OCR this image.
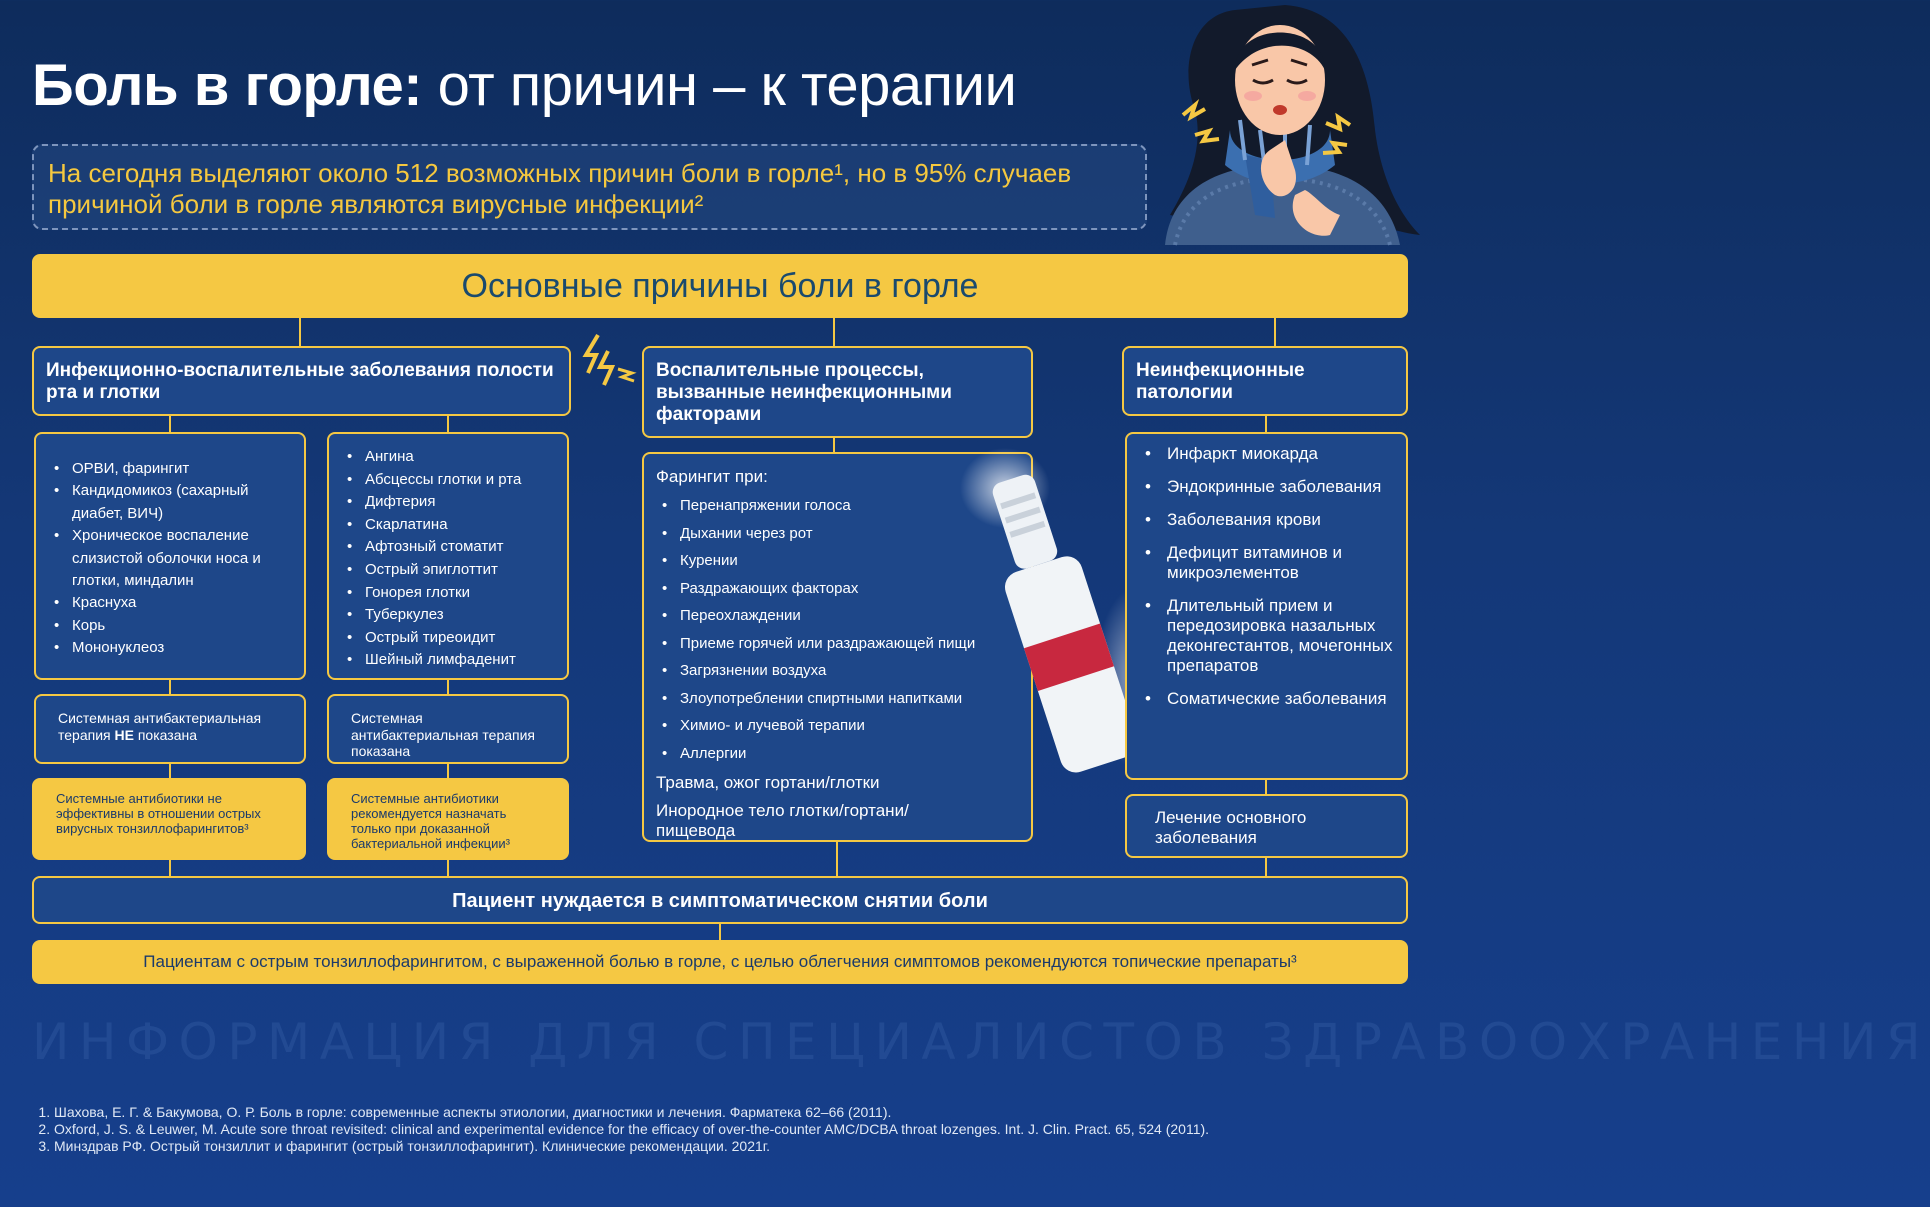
Боль в горле: от причин – к терапии
На сегодня выделяют около 512 возможных причин боли в горле¹, но в 95% случаев причиной боли в горле являются вирусные инфекции²
Основные причины боли в горле
Инфекционно-воспалительные заболевания полости рта и глотки
Воспалительные процессы, вызванные неинфекционными факторами
Неинфекционные патологии
• ОРВИ, фарингит
• Кандидомикоз (сахарный диабет, ВИЧ)
• Хроническое воспаление слизистой оболочки носа и глотки, миндалин
• Краснуха
• Корь
• Мононуклеоз
• Ангина
• Абсцессы глотки и рта
• Дифтерия
• Скарлатина
• Афтозный стоматит
• Острый эпиглоттит
• Гонорея глотки
• Туберкулез
• Острый тиреоидит
• Шейный лимфаденит
Системная антибактериальная терапия НЕ показана
Системная антибактериальная терапия показана
Системные антибиотики не эффективны в отношении острых вирусных тонзиллофарингитов³
Системные антибиотики рекомендуется назначать только при доказанной бактериальной инфекции³
Фарингит при:
• Перенапряжении голоса
• Дыхании через рот
• Курении
• Раздражающих факторах
• Переохлаждении
• Приеме горячей или раздражающей пищи
• Загрязнении воздуха
• Злоупотреблении спиртными напитками
• Химио- и лучевой терапии
• Аллергии
Травма, ожог гортани/глотки
Инородное тело глотки/гортани/ пищевода
• Инфаркт миокарда
• Эндокринные заболевания
• Заболевания крови
• Дефицит витаминов и микроэлементов
• Длительный прием и передозировка назальных деконгестантов, мочегонных препаратов
• Соматические заболевания
Лечение основного заболевания
Пациент нуждается в симптоматическом снятии боли
Пациентам с острым тонзиллофарингитом, с выраженной болью в горле, с целью облегчения симптомов рекомендуются топические препараты³
ИНФОРМАЦИЯ ДЛЯ СПЕЦИАЛИСТОВ ЗДРАВООХРАНЕНИЯ
1. Шахова, Е. Г. & Бакумова, О. Р. Боль в горле: современные аспекты этиологии, диагностики и лечения. Фарматека 62–66 (2011).
2. Oxford, J. S. & Leuwer, M. Acute sore throat revisited: clinical and experimental evidence for the efficacy of over-the-counter AMC/DCBA throat lozenges. Int. J. Clin. Pract. 65, 524 (2011).
3. Минздрав РФ. Острый тонзиллит и фарингит (острый тонзиллофарингит). Клинические рекомендации. 2021г.
